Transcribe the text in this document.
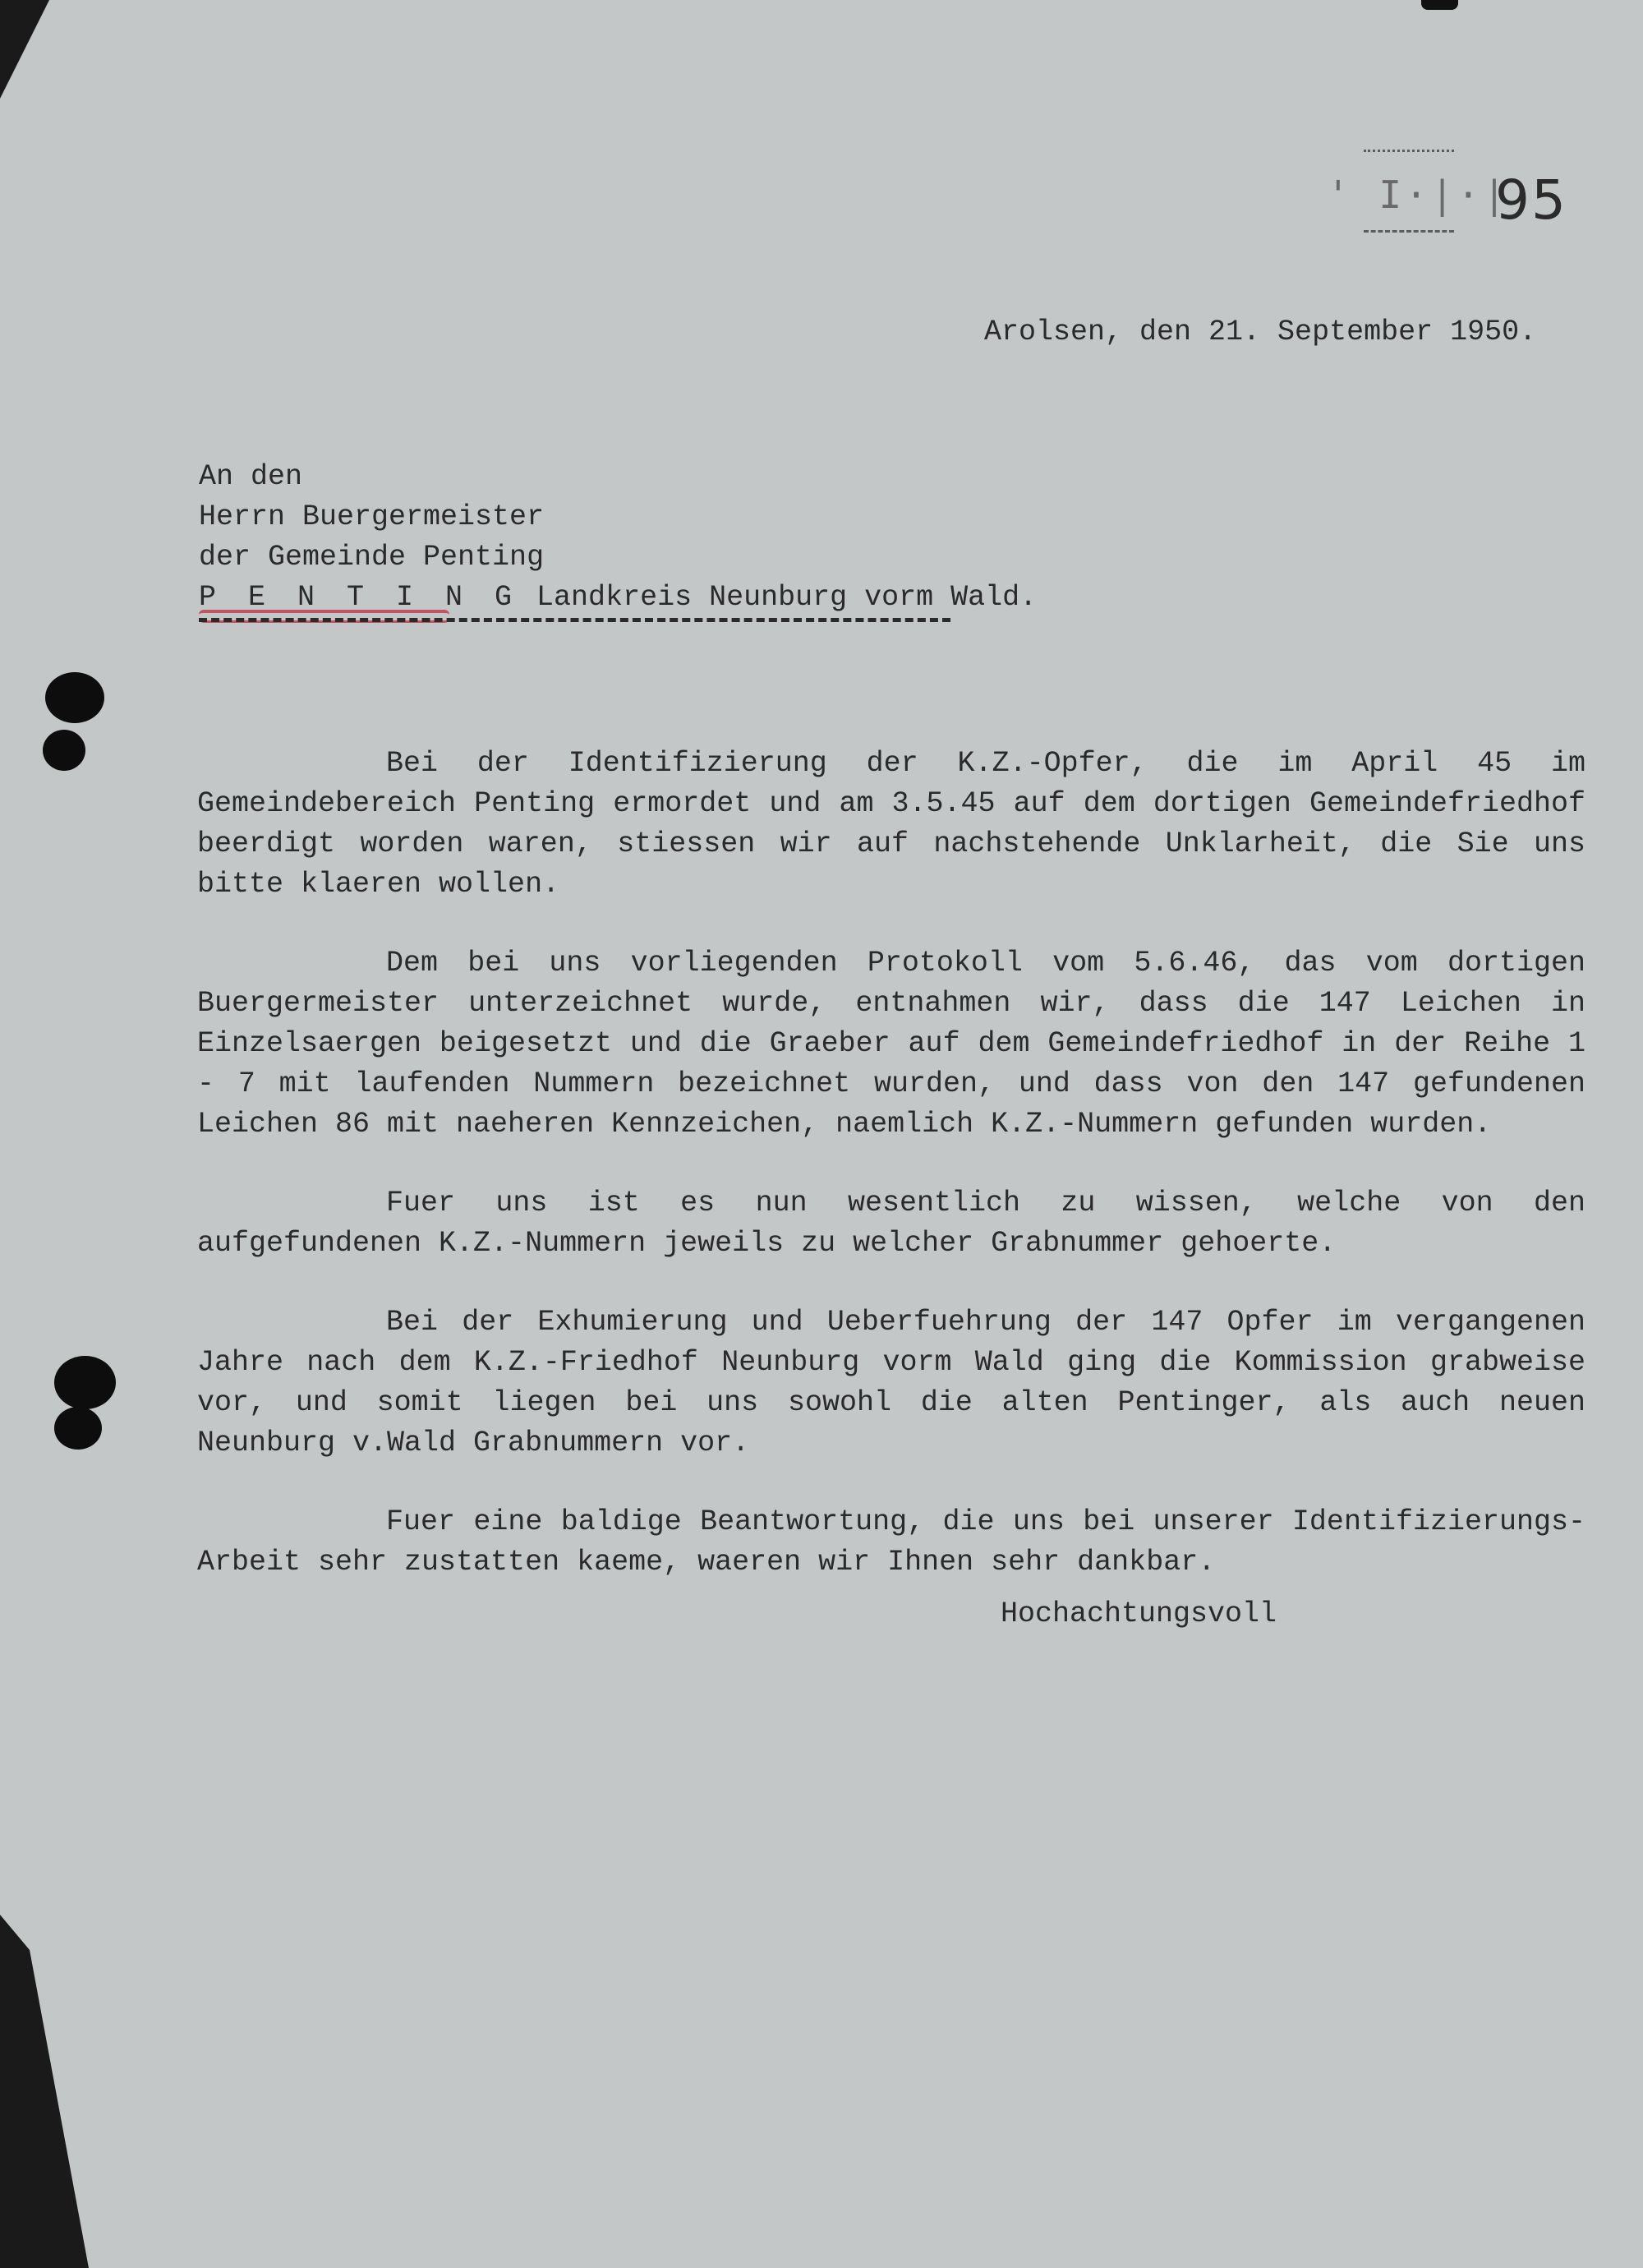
' I·|·|
95
Arolsen, den 21. September 1950.
An den
Herrn Buergermeister
der Gemeinde Penting
P E N T I N G Landkreis Neunburg vorm Wald.

Bei der Identifizierung der K.Z.-Opfer, die im April 45 im Gemeindebereich Penting ermordet und am 3.5.45 auf dem dortigen Gemeindefriedhof beerdigt worden waren, stiessen wir auf nachstehende Unklarheit, die Sie uns bitte klaeren wollen.

Dem bei uns vorliegenden Protokoll vom 5.6.46, das vom dortigen Buergermeister unterzeichnet wurde, entnahmen wir, dass die 147 Leichen in Einzelsaergen beigesetzt und die Graeber auf dem Gemeindefriedhof in der Reihe 1 - 7 mit laufenden Nummern bezeichnet wurden, und dass von den 147 gefundenen Leichen 86 mit naeheren Kennzeichen, naemlich K.Z.-Nummern gefunden wurden.

Fuer uns ist es nun wesentlich zu wissen, welche von den aufgefundenen K.Z.-Nummern jeweils zu welcher Grabnummer gehoerte.

Bei der Exhumierung und Ueberfuehrung der 147 Opfer im vergangenen Jahre nach dem K.Z.-Friedhof Neunburg vorm Wald ging die Kommission grabweise vor, und somit liegen bei uns sowohl die alten Pentinger, als auch neuen Neunburg v.Wald Grabnummern vor.

Fuer eine baldige Beantwortung, die uns bei unserer Identifizierungs-Arbeit sehr zustatten kaeme, waeren wir Ihnen sehr dankbar.

Hochachtungsvoll
